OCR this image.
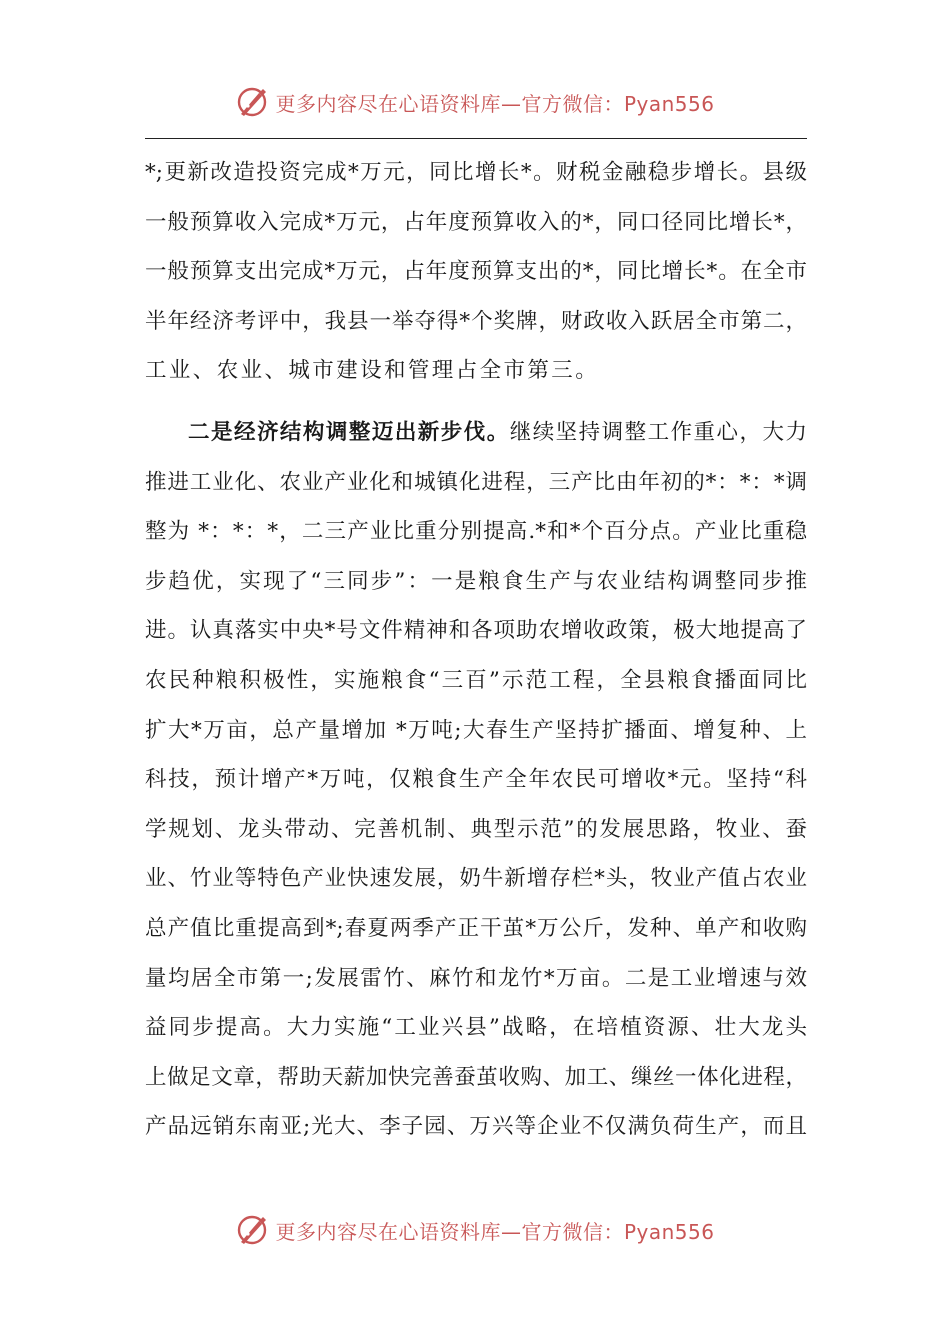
更多内容尽在心语资料库—官方微信：Pyan556
*;更新改造投资完成*万元，同比增长*。财税金融稳步增长。县级
一般预算收入完成*万元，占年度预算收入的*，同口径同比增长*，
一般预算支出完成*万元，占年度预算支出的*，同比增长*。在全市
半年经济考评中，我县一举夺得*个奖牌，财政收入跃居全市第二，
工业、农业、城市建设和管理占全市第三。
二是经济结构调整迈出新步伐。继续坚持调整工作重心，大力
推进工业化、农业产业化和城镇化进程，三产比由年初的*：*：*调
整为 *：*：*，二三产业比重分别提高.*和*个百分点。产业比重稳
步趋优，实现了“三同步”：一是粮食生产与农业结构调整同步推
进。认真落实中央*号文件精神和各项助农增收政策，极大地提高了
农民种粮积极性，实施粮食“三百”示范工程，全县粮食播面同比
扩大*万亩，总产量增加 *万吨;大春生产坚持扩播面、增复种、上
科技，预计增产*万吨，仅粮食生产全年农民可增收*元。坚持“科
学规划、龙头带动、完善机制、典型示范”的发展思路，牧业、蚕
业、竹业等特色产业快速发展，奶牛新增存栏*头，牧业产值占农业
总产值比重提高到*;春夏两季产正干茧*万公斤，发种、单产和收购
量均居全市第一;发展雷竹、麻竹和龙竹*万亩。二是工业增速与效
益同步提高。大力实施“工业兴县”战略，在培植资源、壮大龙头
上做足文章，帮助天薪加快完善蚕茧收购、加工、缫丝一体化进程，
产品远销东南亚;光大、李子园、万兴等企业不仅满负荷生产，而且
更多内容尽在心语资料库—官方微信：Pyan556
